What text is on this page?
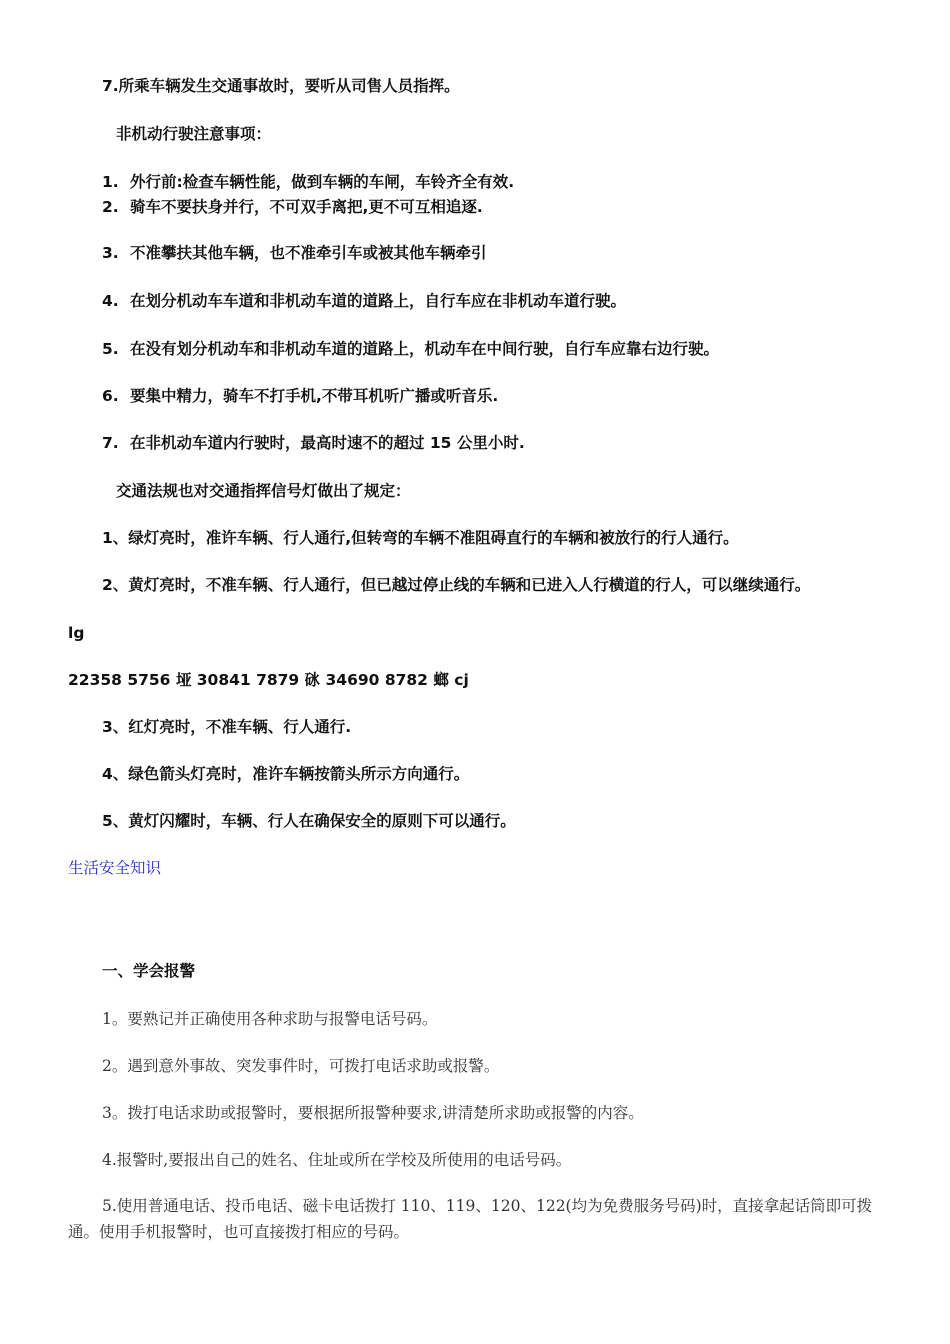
7.所乘车辆发生交通事故时，要听从司售人员指挥。
非机动行驶注意事项：
1. 外行前:检查车辆性能，做到车辆的车闸，车铃齐全有效.
2. 骑车不要扶身并行，不可双手离把,更不可互相追逐.
3. 不准攀扶其他车辆，也不准牵引车或被其他车辆牵引
4. 在划分机动车车道和非机动车道的道路上，自行车应在非机动车道行驶。
5. 在没有划分机动车和非机动车道的道路上，机动车在中间行驶，自行车应靠右边行驶。
6. 要集中精力，骑车不打手机,不带耳机听广播或听音乐.
7. 在非机动车道内行驶时，最高时速不的超过 15 公里小时.
交通法规也对交通指挥信号灯做出了规定：
1、绿灯亮时，准许车辆、行人通行,但转弯的车辆不准阻碍直行的车辆和被放行的行人通行。
2、黄灯亮时，不准车辆、行人通行，但已越过停止线的车辆和已进入人行横道的行人，可以继续通行。
lg
22358 5756 垭 30841 7879 砯 34690 8782 螂 cj
3、红灯亮时，不准车辆、行人通行.
4、绿色箭头灯亮时，准许车辆按箭头所示方向通行。
5、黄灯闪耀时，车辆、行人在确保安全的原则下可以通行。
生活安全知识
一、学会报警
1。要熟记并正确使用各种求助与报警电话号码。
2。遇到意外事故、突发事件时，可拨打电话求助或报警。
3。拨打电话求助或报警时，要根据所报警种要求,讲清楚所求助或报警的内容。
4.报警时,要报出自己的姓名、住址或所在学校及所使用的电话号码。
5.使用普通电话、投币电话、磁卡电话拨打 110、119、120、122(均为免费服务号码)时，直接拿起话筒即可拨通。使用手机报警时，也可直接拨打相应的号码。
